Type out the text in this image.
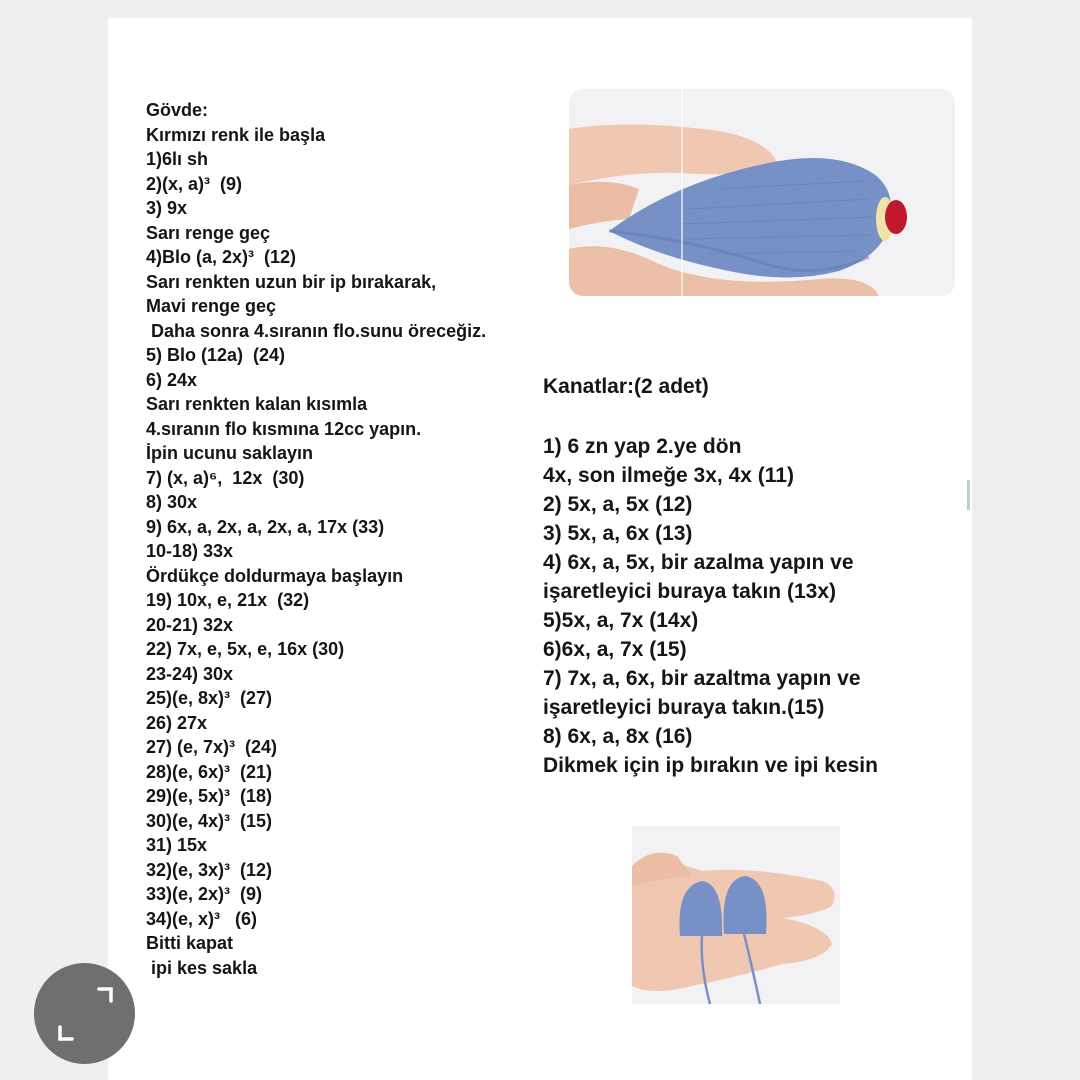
Gövde:
Kırmızı renk ile başla
1)6lı sh
2)(x, a)³  (9)
3) 9x
Sarı renge geç
4)Blo (a, 2x)³  (12)
Sarı renkten uzun bir ip bırakarak,
Mavi renge geç
Daha sonra 4.sıranın flo.sunu öreceğiz.
5) Blo (12a)  (24)
6) 24x
Sarı renkten kalan kısımla
4.sıranın flo kısmına 12cc yapın.
İpin ucunu saklayın
7) (x, a)⁶,  12x  (30)
8) 30x
9) 6x, a, 2x, a, 2x, a, 17x (33)
10-18) 33x
Ördükçe doldurmaya başlayın
19) 10x, e, 21x  (32)
20-21) 32x
22) 7x, e, 5x, e, 16x (30)
23-24) 30x
25)(e, 8x)³  (27)
26) 27x
27) (e, 7x)³  (24)
28)(e, 6x)³  (21)
29)(e, 5x)³  (18)
30)(e, 4x)³  (15)
31) 15x
32)(e, 3x)³  (12)
33)(e, 2x)³  (9)
34)(e, x)³   (6)
Bitti kapat
ipi kes sakla
Kanatlar:(2 adet)
1) 6 zn yap 2.ye dön
4x, son ilmeğe 3x, 4x (11)
2) 5x, a, 5x (12)
3) 5x, a, 6x (13)
4) 6x, a, 5x, bir azalma yapın ve
işaretleyici buraya takın (13x)
5)5x, a, 7x (14x)
6)6x, a, 7x (15)
7) 7x, a, 6x, bir azaltma yapın ve
işaretleyici buraya takın.(15)
8) 6x, a, 8x (16)
Dikmek için ip bırakın ve ipi kesin
